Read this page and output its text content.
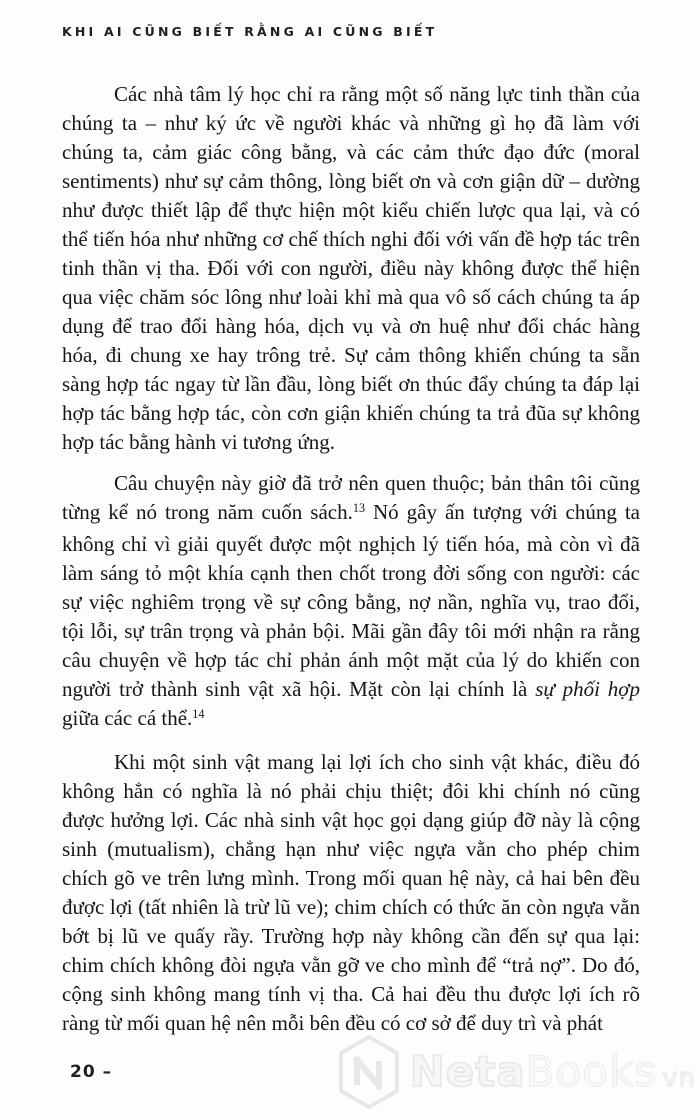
KHI AI CŨNG BIẾT RẰNG AI CŨNG BIẾT

Các nhà tâm lý học chỉ ra rằng một số năng lực tinh thần của chúng ta – như ký ức về người khác và những gì họ đã làm với chúng ta, cảm giác công bằng, và các cảm thức đạo đức (moral sentiments) như sự cảm thông, lòng biết ơn và cơn giận dữ – dường như được thiết lập để thực hiện một kiểu chiến lược qua lại, và có thể tiến hóa như những cơ chế thích nghi đối với vấn đề hợp tác trên tinh thần vị tha. Đối với con người, điều này không được thể hiện qua việc chăm sóc lông như loài khỉ mà qua vô số cách chúng ta áp dụng để trao đổi hàng hóa, dịch vụ và ơn huệ như đổi chác hàng hóa, đi chung xe hay trông trẻ. Sự cảm thông khiến chúng ta sẵn sàng hợp tác ngay từ lần đầu, lòng biết ơn thúc đẩy chúng ta đáp lại hợp tác bằng hợp tác, còn cơn giận khiến chúng ta trả đũa sự không hợp tác bằng hành vi tương ứng.

Câu chuyện này giờ đã trở nên quen thuộc; bản thân tôi cũng từng kể nó trong năm cuốn sách.$^{13}$ Nó gây ấn tượng với chúng ta không chỉ vì giải quyết được một nghịch lý tiến hóa, mà còn vì đã làm sáng tỏ một khía cạnh then chốt trong đời sống con người: các sự việc nghiêm trọng về sự công bằng, nợ nần, nghĩa vụ, trao đổi, tội lỗi, sự trân trọng và phản bội. Mãi gần đây tôi mới nhận ra rằng câu chuyện về hợp tác chỉ phản ánh một mặt của lý do khiến con người trở thành sinh vật xã hội. Mặt còn lại chính là sự phối hợp giữa các cá thể.$^{14}$

Khi một sinh vật mang lại lợi ích cho sinh vật khác, điều đó không hẳn có nghĩa là nó phải chịu thiệt; đôi khi chính nó cũng được hưởng lợi. Các nhà sinh vật học gọi dạng giúp đỡ này là cộng sinh (mutualism), chẳng hạn như việc ngựa vằn cho phép chim chích gõ ve trên lưng mình. Trong mối quan hệ này, cả hai bên đều được lợi (tất nhiên là trừ lũ ve); chim chích có thức ăn còn ngựa vằn bớt bị lũ ve quấy rầy. Trường hợp này không cần đến sự qua lại: chim chích không đòi ngựa vằn gỡ ve cho mình để “trả nợ”. Do đó, cộng sinh không mang tính vị tha. Cả hai đều thu được lợi ích rõ ràng từ mối quan hệ nên mỗi bên đều có cơ sở để duy trì và phát

20 –	NetaBooks vn
